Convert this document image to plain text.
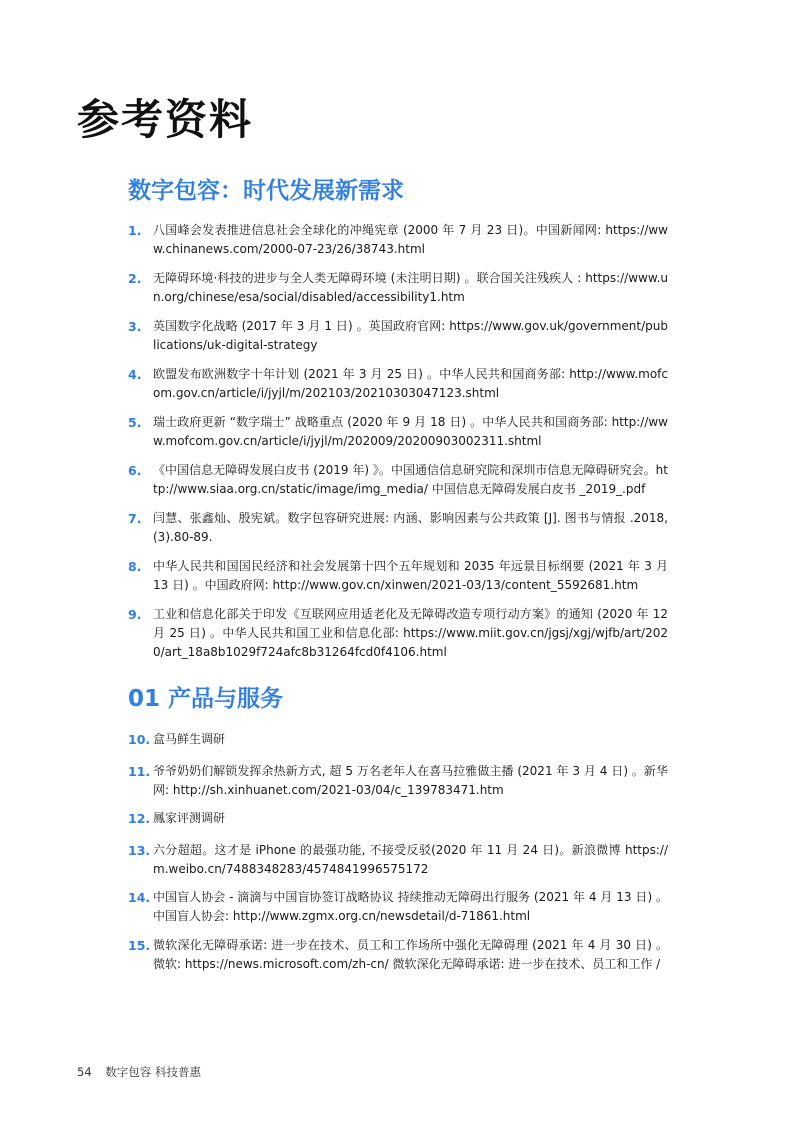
参考资料
数字包容：时代发展新需求
1. 八国峰会发表推进信息社会全球化的冲绳宪章 (2000 年 7 月 23 日)。中国新闻网: https://www.chinanews.com/2000-07-23/26/38743.html
2. 无障碍环境·科技的进步与全人类无障碍环境 (未注明日期) 。联合国关注残疾人 : https://www.un.org/chinese/esa/social/disabled/accessibility1.htm
3. 英国数字化战略 (2017 年 3 月 1 日) 。英国政府官网: https://www.gov.uk/government/publications/uk-digital-strategy
4. 欧盟发布欧洲数字十年计划 (2021 年 3 月 25 日) 。中华人民共和国商务部: http://www.mofcom.gov.cn/article/i/jyjl/m/202103/20210303047123.shtml
5. 瑞士政府更新 “数字瑞士” 战略重点 (2020 年 9 月 18 日) 。中华人民共和国商务部: http://www.mofcom.gov.cn/article/i/jyjl/m/202009/20200903002311.shtml
6. 《中国信息无障碍发展白皮书 (2019 年) 》。中国通信信息研究院和深圳市信息无障碍研究会。http://www.siaa.org.cn/static/image/img_media/ 中国信息无障碍发展白皮书 _2019_.pdf
7. 闫慧、张鑫灿、殷宪斌。数字包容研究进展: 内涵、影响因素与公共政策 [J]. 图书与情报 .2018,(3).80-89.
8. 中华人民共和国国民经济和社会发展第十四个五年规划和 2035 年远景目标纲要 (2021 年 3 月 13 日) 。中国政府网: http://www.gov.cn/xinwen/2021-03/13/content_5592681.htm
9. 工业和信息化部关于印发《互联网应用适老化及无障碍改造专项行动方案》的通知 (2020 年 12 月 25 日) 。中华人民共和国工业和信息化部: https://www.miit.gov.cn/jgsj/xgj/wjfb/art/2020/art_18a8b1029f724afc8b31264fcd0f4106.html
01 产品与服务
10. 盒马鲜生调研
11. 爷爷奶奶们解锁发挥余热新方式, 超 5 万名老年人在喜马拉雅做主播 (2021 年 3 月 4 日) 。新华网: http://sh.xinhuanet.com/2021-03/04/c_139783471.htm
12. 鳳家评测调研
13. 六分超超。这才是 iPhone 的最强功能, 不接受反驳(2020 年 11 月 24 日)。新浪微博 https://m.weibo.cn/7488348283/4574841996575172
14. 中国盲人协会 - 滴滴与中国盲协签订战略协议 持续推动无障碍出行服务 (2021 年 4 月 13 日) 。中国盲人协会: http://www.zgmx.org.cn/newsdetail/d-71861.html
15. 微软深化无障碍承诺: 进一步在技术、员工和工作场所中强化无障碍理 (2021 年 4 月 30 日) 。微软: https://news.microsoft.com/zh-cn/ 微软深化无障碍承诺: 进一步在技术、员工和工作 /
54 数字包容 科技普惠
